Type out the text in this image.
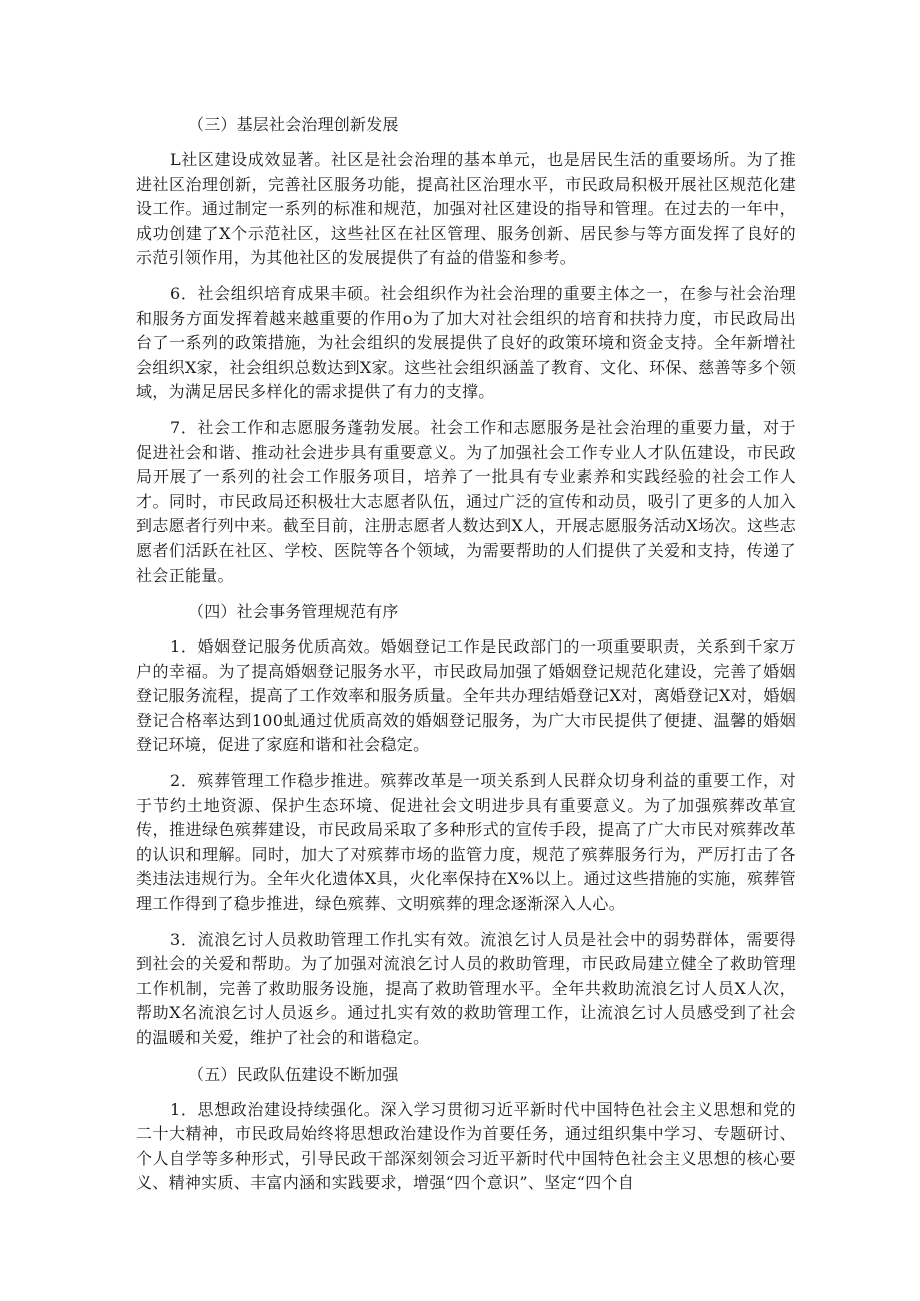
（三）基层社会治理创新发展

L社区建设成效显著。社区是社会治理的基本单元，也是居民生活的重要场所。为了推进社区治理创新，完善社区服务功能，提高社区治理水平，市民政局积极开展社区规范化建设工作。通过制定一系列的标准和规范，加强对社区建设的指导和管理。在过去的一年中，成功创建了X个示范社区，这些社区在社区管理、服务创新、居民参与等方面发挥了良好的示范引领作用，为其他社区的发展提供了有益的借鉴和参考。

6．社会组织培育成果丰硕。社会组织作为社会治理的重要主体之一，在参与社会治理和服务方面发挥着越来越重要的作用o为了加大对社会组织的培育和扶持力度，市民政局出台了一系列的政策措施，为社会组织的发展提供了良好的政策环境和资金支持。全年新增社会组织X家，社会组织总数达到X家。这些社会组织涵盖了教育、文化、环保、慈善等多个领域，为满足居民多样化的需求提供了有力的支撑。

7．社会工作和志愿服务蓬勃发展。社会工作和志愿服务是社会治理的重要力量，对于促进社会和谐、推动社会进步具有重要意义。为了加强社会工作专业人才队伍建设，市民政局开展了一系列的社会工作服务项目，培养了一批具有专业素养和实践经验的社会工作人才。同时，市民政局还积极壮大志愿者队伍，通过广泛的宣传和动员，吸引了更多的人加入到志愿者行列中来。截至目前，注册志愿者人数达到X人，开展志愿服务活动X场次。这些志愿者们活跃在社区、学校、医院等各个领域，为需要帮助的人们提供了关爱和支持，传递了社会正能量。

（四）社会事务管理规范有序

1．婚姻登记服务优质高效。婚姻登记工作是民政部门的一项重要职责，关系到千家万户的幸福。为了提高婚姻登记服务水平，市民政局加强了婚姻登记规范化建设，完善了婚姻登记服务流程，提高了工作效率和服务质量。全年共办理结婚登记X对，离婚登记X对，婚姻登记合格率达到100虬通过优质高效的婚姻登记服务，为广大市民提供了便捷、温馨的婚姻登记环境，促进了家庭和谐和社会稳定。

2．殡葬管理工作稳步推进。殡葬改革是一项关系到人民群众切身利益的重要工作，对于节约土地资源、保护生态环境、促进社会文明进步具有重要意义。为了加强殡葬改革宣传，推进绿色殡葬建设，市民政局采取了多种形式的宣传手段，提高了广大市民对殡葬改革的认识和理解。同时，加大了对殡葬市场的监管力度，规范了殡葬服务行为，严厉打击了各类违法违规行为。全年火化遗体X具，火化率保持在X%以上。通过这些措施的实施，殡葬管理工作得到了稳步推进，绿色殡葬、文明殡葬的理念逐渐深入人心。

3．流浪乞讨人员救助管理工作扎实有效。流浪乞讨人员是社会中的弱势群体，需要得到社会的关爱和帮助。为了加强对流浪乞讨人员的救助管理，市民政局建立健全了救助管理工作机制，完善了救助服务设施，提高了救助管理水平。全年共救助流浪乞讨人员X人次，帮助X名流浪乞讨人员返乡。通过扎实有效的救助管理工作，让流浪乞讨人员感受到了社会的温暖和关爱，维护了社会的和谐稳定。

（五）民政队伍建设不断加强

1．思想政治建设持续强化。深入学习贯彻习近平新时代中国特色社会主义思想和党的二十大精神，市民政局始终将思想政治建设作为首要任务，通过组织集中学习、专题研讨、个人自学等多种形式，引导民政干部深刻领会习近平新时代中国特色社会主义思想的核心要义、精神实质、丰富内涵和实践要求，增强“四个意识”、坚定“四个自
